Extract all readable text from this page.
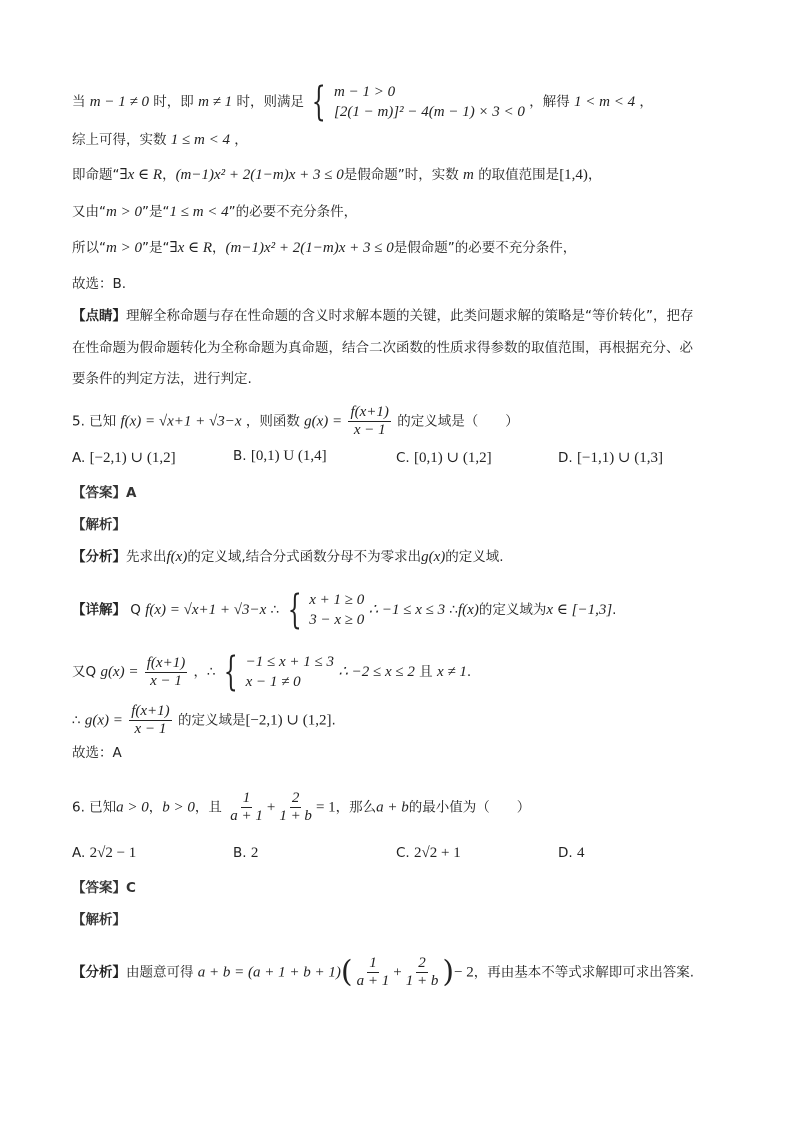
当 m − 1 ≠ 0 时，即 m ≠ 1 时，则满足 { m − 1 > 0
[2(1 − m)]² − 4(m − 1) × 3 < 0
，解得 1 < m < 4 ，
综上可得，实数 1 ≤ m < 4 ，
即命题“∃x ∈ R，(m−1)x² + 2(1−m)x + 3 ≤ 0是假命题”时，实数 m 的取值范围是[1,4)，
又由“m > 0”是“1 ≤ m < 4”的必要不充分条件，
所以“m > 0”是“∃x ∈ R，(m−1)x² + 2(1−m)x + 3 ≤ 0是假命题”的必要不充分条件，
故选：B.
【点睛】理解全称命题与存在性命题的含义时求解本题的关键，此类问题求解的策略是“等价转化”，把存
在性命题为假命题转化为全称命题为真命题，结合二次函数的性质求得参数的取值范围，再根据充分、必
要条件的判定方法，进行判定.
5. 已知 f(x) = √x+1 + √3−x ，则函数 $g(x) = \frac{f(x+1)}{x - 1}$ 的定义域是（　　）
A. [−2,1) ∪ (1,2]	B. [0,1) U (1,4]	C. [0,1) ∪ (1,2]	D. [−1,1) ∪ (1,3]
【答案】A
【解析】
【分析】先求出f(x)的定义域,结合分式函数分母不为零求出g(x)的定义域.
【详解】 Q f(x) = √x+1 + √3−x ∴ { x + 1 ≥ 0
3 − x ≥ 0
∴ −1 ≤ x ≤ 3 ∴f(x)的定义域为x ∈ [−1,3].
又Q $g(x) = \frac{f(x+1)}{x - 1}$ ，∴ { −1 ≤ x + 1 ≤ 3
x − 1 ≠ 0
∴ −2 ≤ x ≤ 2 且 x ≠ 1.
∴ $g(x) = \frac{f(x+1)}{x - 1}$ 的定义域是[−2,1) ∪ (1,2].
故选：A
6. 已知a > 0，b > 0，且 $\frac{1}{a + 1} + \frac{2}{1 + b} = 1$，那么a + b的最小值为（　　）
A. 2√2 − 1	B. 2	C. 2√2 + 1	D. 4
【答案】C
【解析】
【分析】由题意可得 $a + b = (a + 1 + b + 1)( \frac{1}{a + 1} + \frac{2}{1 + b}$ )− 2，再由基本不等式求解即可求出答案.
